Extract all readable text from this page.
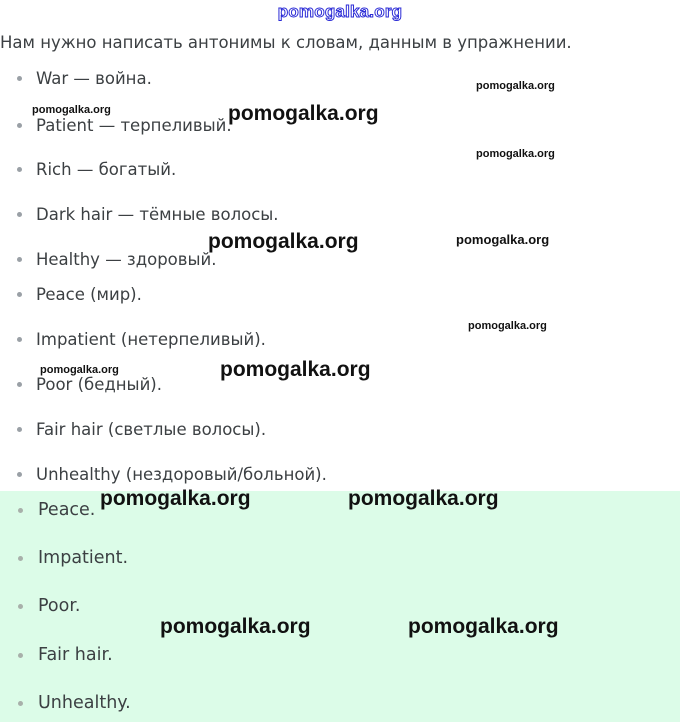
pomogalka.org
Нам нужно написать антонимы к словам, данным в упражнении.
War — война.
Patient — терпеливый.
Rich — богатый.
Dark hair — тёмные волосы.
Healthy — здоровый.
Peace (мир).
Impatient (нетерпеливый).
Poor (бедный).
Fair hair (светлые волосы).
Unhealthy (нездоровый/больной).
Peace.
Impatient.
Poor.
Fair hair.
Unhealthy.
pomogalka.org
pomogalka.org	pomogalka.org
pomogalka.org
pomogalka.org	pomogalka.org
pomogalka.org
pomogalka.org	pomogalka.org
pomogalka.org	pomogalka.org
pomogalka.org	pomogalka.org
